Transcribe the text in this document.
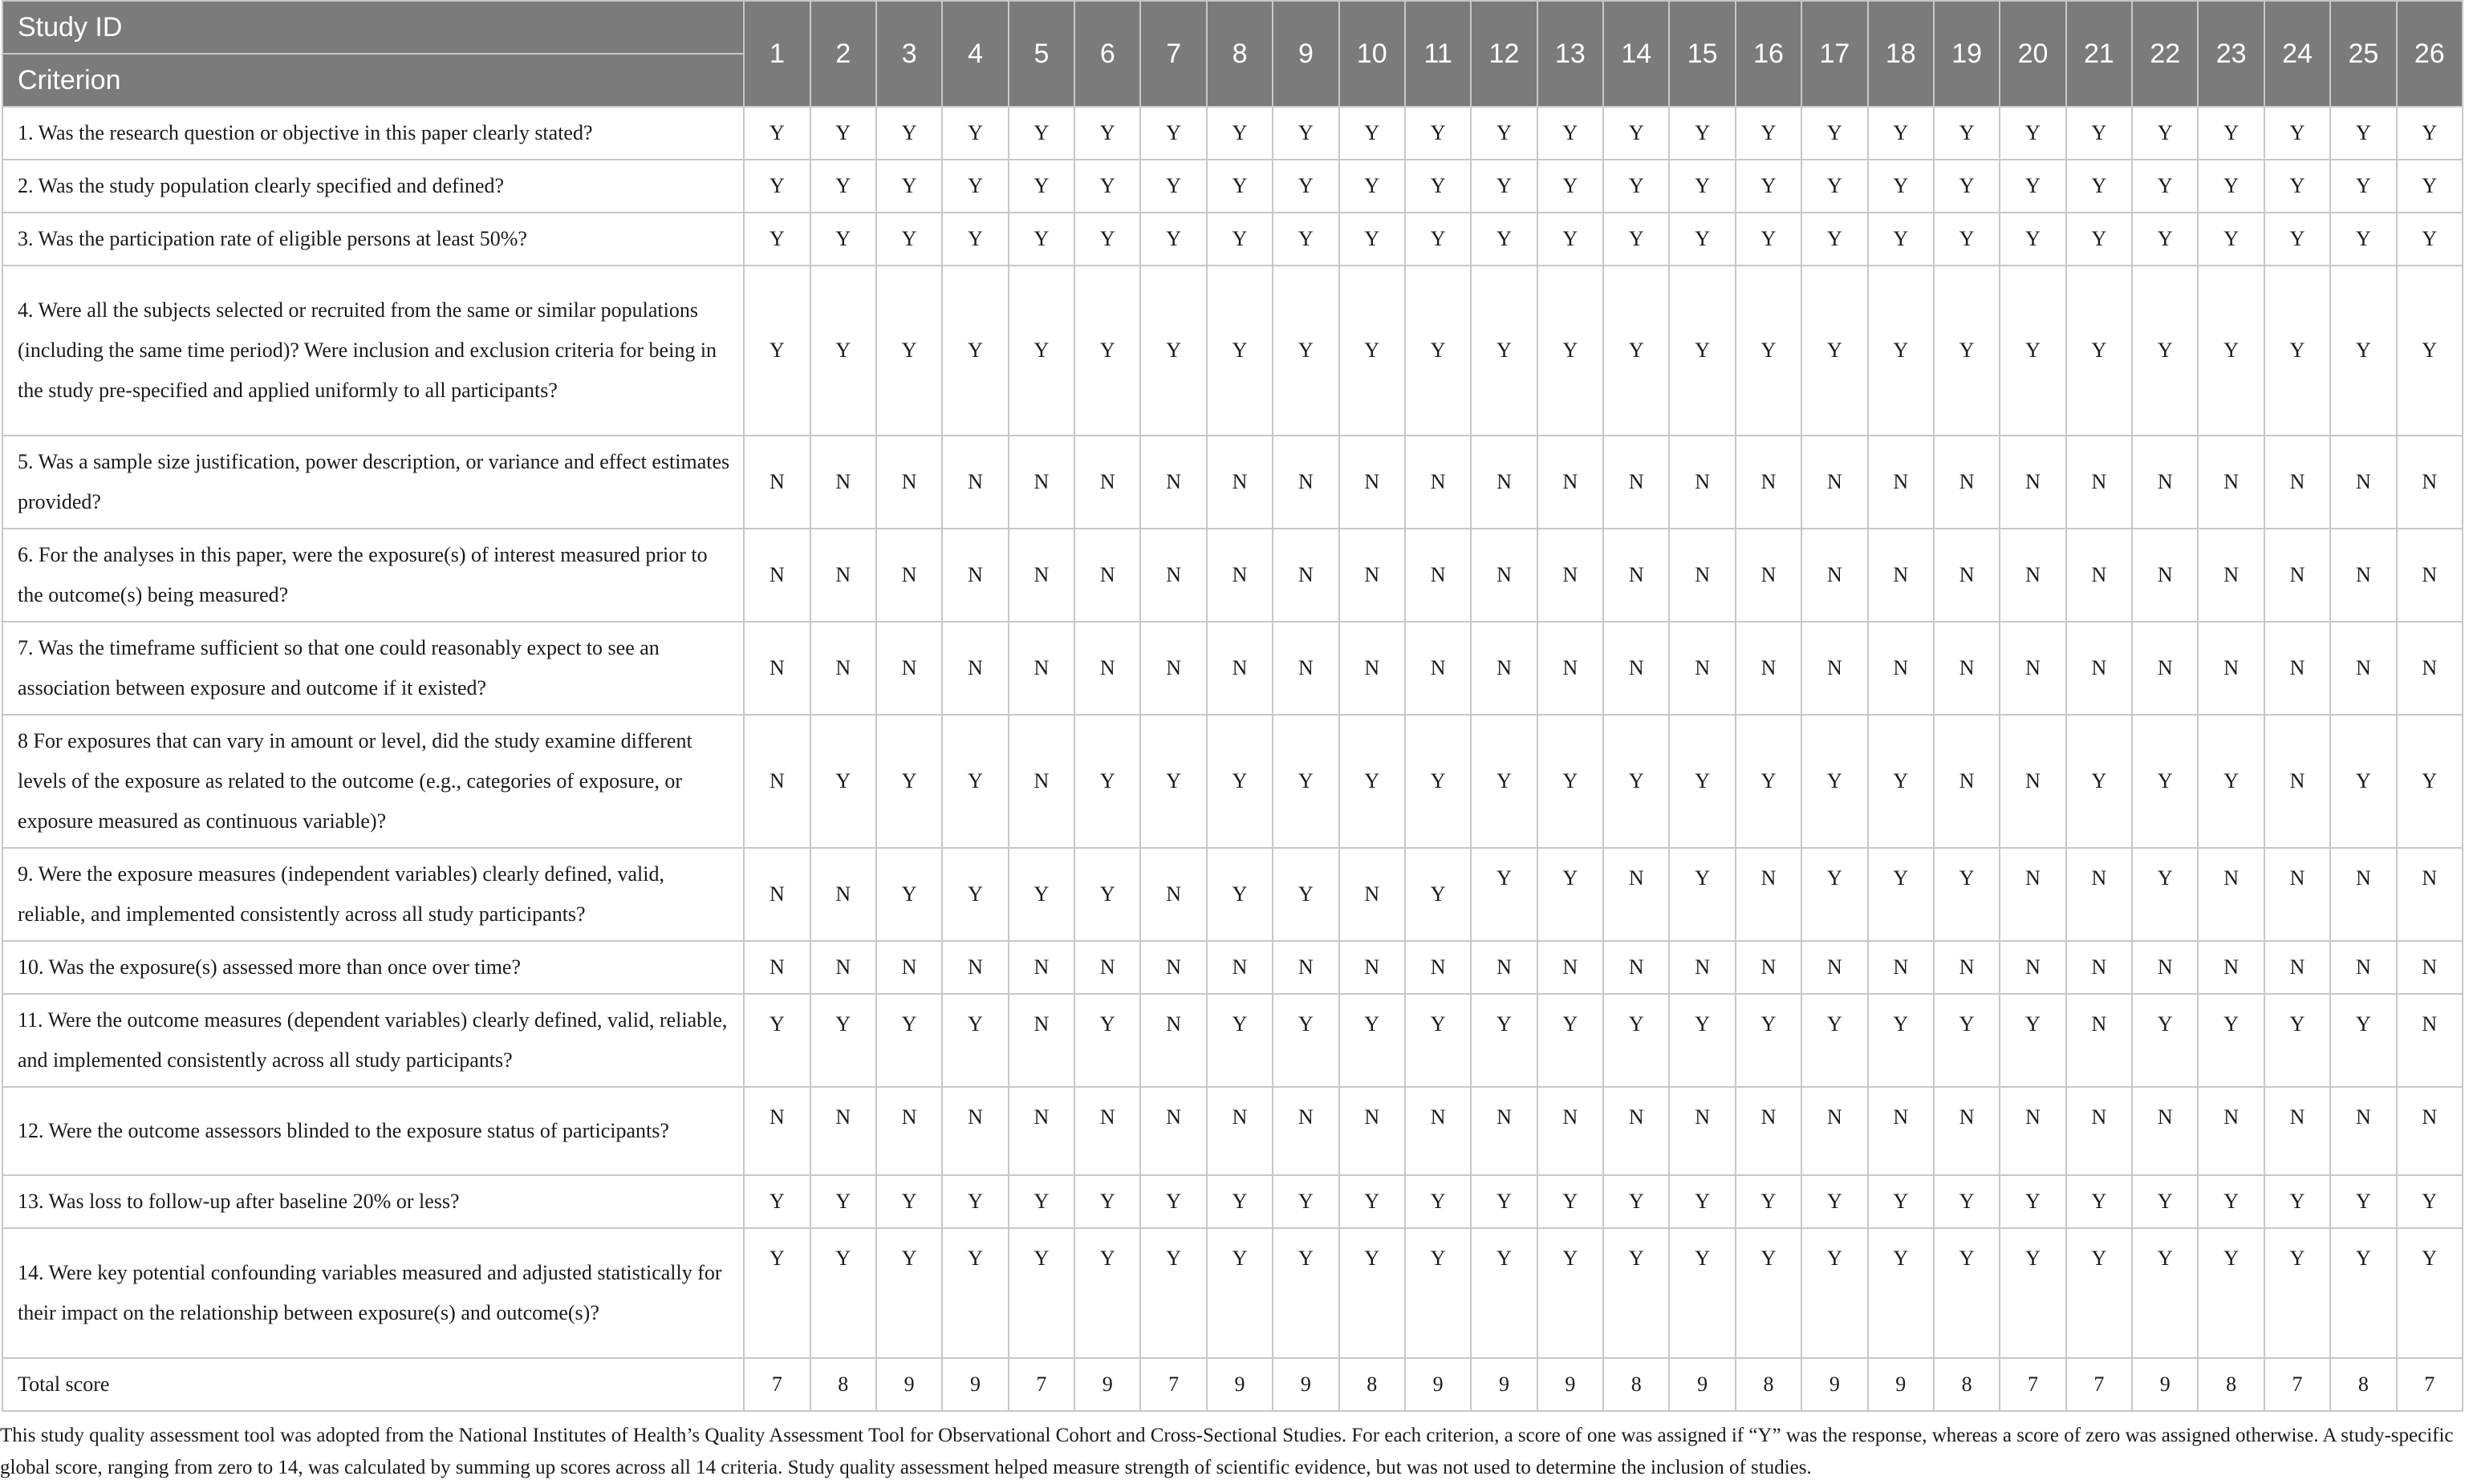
Study ID	1	2	3	4	5	6	7	8	9	10	11	12	13	14	15	16	17	18	19	20	21	22	23	24	25	26
Criterion																										
1. Was the research question or objective in this paper clearly stated?	Y	Y	Y	Y	Y	Y	Y	Y	Y	Y	Y	Y	Y	Y	Y	Y	Y	Y	Y	Y	Y	Y	Y	Y	Y	Y
2. Was the study population clearly specified and defined?	Y	Y	Y	Y	Y	Y	Y	Y	Y	Y	Y	Y	Y	Y	Y	Y	Y	Y	Y	Y	Y	Y	Y	Y	Y	Y
3. Was the participation rate of eligible persons at least 50%?	Y	Y	Y	Y	Y	Y	Y	Y	Y	Y	Y	Y	Y	Y	Y	Y	Y	Y	Y	Y	Y	Y	Y	Y	Y	Y
4. Were all the subjects selected or recruited from the same or similar populations (including the same time period)? Were inclusion and exclusion criteria for being in the study pre-specified and applied uniformly to all participants?	Y	Y	Y	Y	Y	Y	Y	Y	Y	Y	Y	Y	Y	Y	Y	Y	Y	Y	Y	Y	Y	Y	Y	Y	Y	Y
5. Was a sample size justification, power description, or variance and effect estimates provided?	N	N	N	N	N	N	N	N	N	N	N	N	N	N	N	N	N	N	N	N	N	N	N	N	N	N
6. For the analyses in this paper, were the exposure(s) of interest measured prior to the outcome(s) being measured?	N	N	N	N	N	N	N	N	N	N	N	N	N	N	N	N	N	N	N	N	N	N	N	N	N	N
7. Was the timeframe sufficient so that one could reasonably expect to see an association between exposure and outcome if it existed?	N	N	N	N	N	N	N	N	N	N	N	N	N	N	N	N	N	N	N	N	N	N	N	N	N	N
8 For exposures that can vary in amount or level, did the study examine different levels of the exposure as related to the outcome (e.g., categories of exposure, or exposure measured as continuous variable)?	N	Y	Y	Y	N	Y	Y	Y	Y	Y	Y	Y	Y	Y	Y	Y	Y	Y	N	N	Y	Y	Y	N	Y	Y
9. Were the exposure measures (independent variables) clearly defined, valid, reliable, and implemented consistently across all study participants?	N	N	Y	Y	Y	Y	N	Y	Y	N	Y	Y	Y	N	Y	N	Y	Y	Y	N	N	Y	N	N	N	N
10. Was the exposure(s) assessed more than once over time?	N	N	N	N	N	N	N	N	N	N	N	N	N	N	N	N	N	N	N	N	N	N	N	N	N	N
11. Were the outcome measures (dependent variables) clearly defined, valid, reliable, and implemented consistently across all study participants?	Y	Y	Y	Y	N	Y	N	Y	Y	Y	Y	Y	Y	Y	Y	Y	Y	Y	Y	Y	N	Y	Y	Y	Y	N
12. Were the outcome assessors blinded to the exposure status of participants?	N	N	N	N	N	N	N	N	N	N	N	N	N	N	N	N	N	N	N	N	N	N	N	N	N	N
13. Was loss to follow-up after baseline 20% or less?	Y	Y	Y	Y	Y	Y	Y	Y	Y	Y	Y	Y	Y	Y	Y	Y	Y	Y	Y	Y	Y	Y	Y	Y	Y	Y
14. Were key potential confounding variables measured and adjusted statistically for their impact on the relationship between exposure(s) and outcome(s)?	Y	Y	Y	Y	Y	Y	Y	Y	Y	Y	Y	Y	Y	Y	Y	Y	Y	Y	Y	Y	Y	Y	Y	Y	Y	Y
Total score	7	8	9	9	7	9	7	9	9	8	9	9	9	8	9	8	9	9	8	7	7	9	8	7	8	7

This study quality assessment tool was adopted from the National Institutes of Health’s Quality Assessment Tool for Observational Cohort and Cross-Sectional Studies. For each criterion, a score of one was assigned if “Y” was the response, whereas a score of zero was assigned otherwise. A study-specific global score, ranging from zero to 14, was calculated by summing up scores across all 14 criteria. Study quality assessment helped measure strength of scientific evidence, but was not used to determine the inclusion of studies.
